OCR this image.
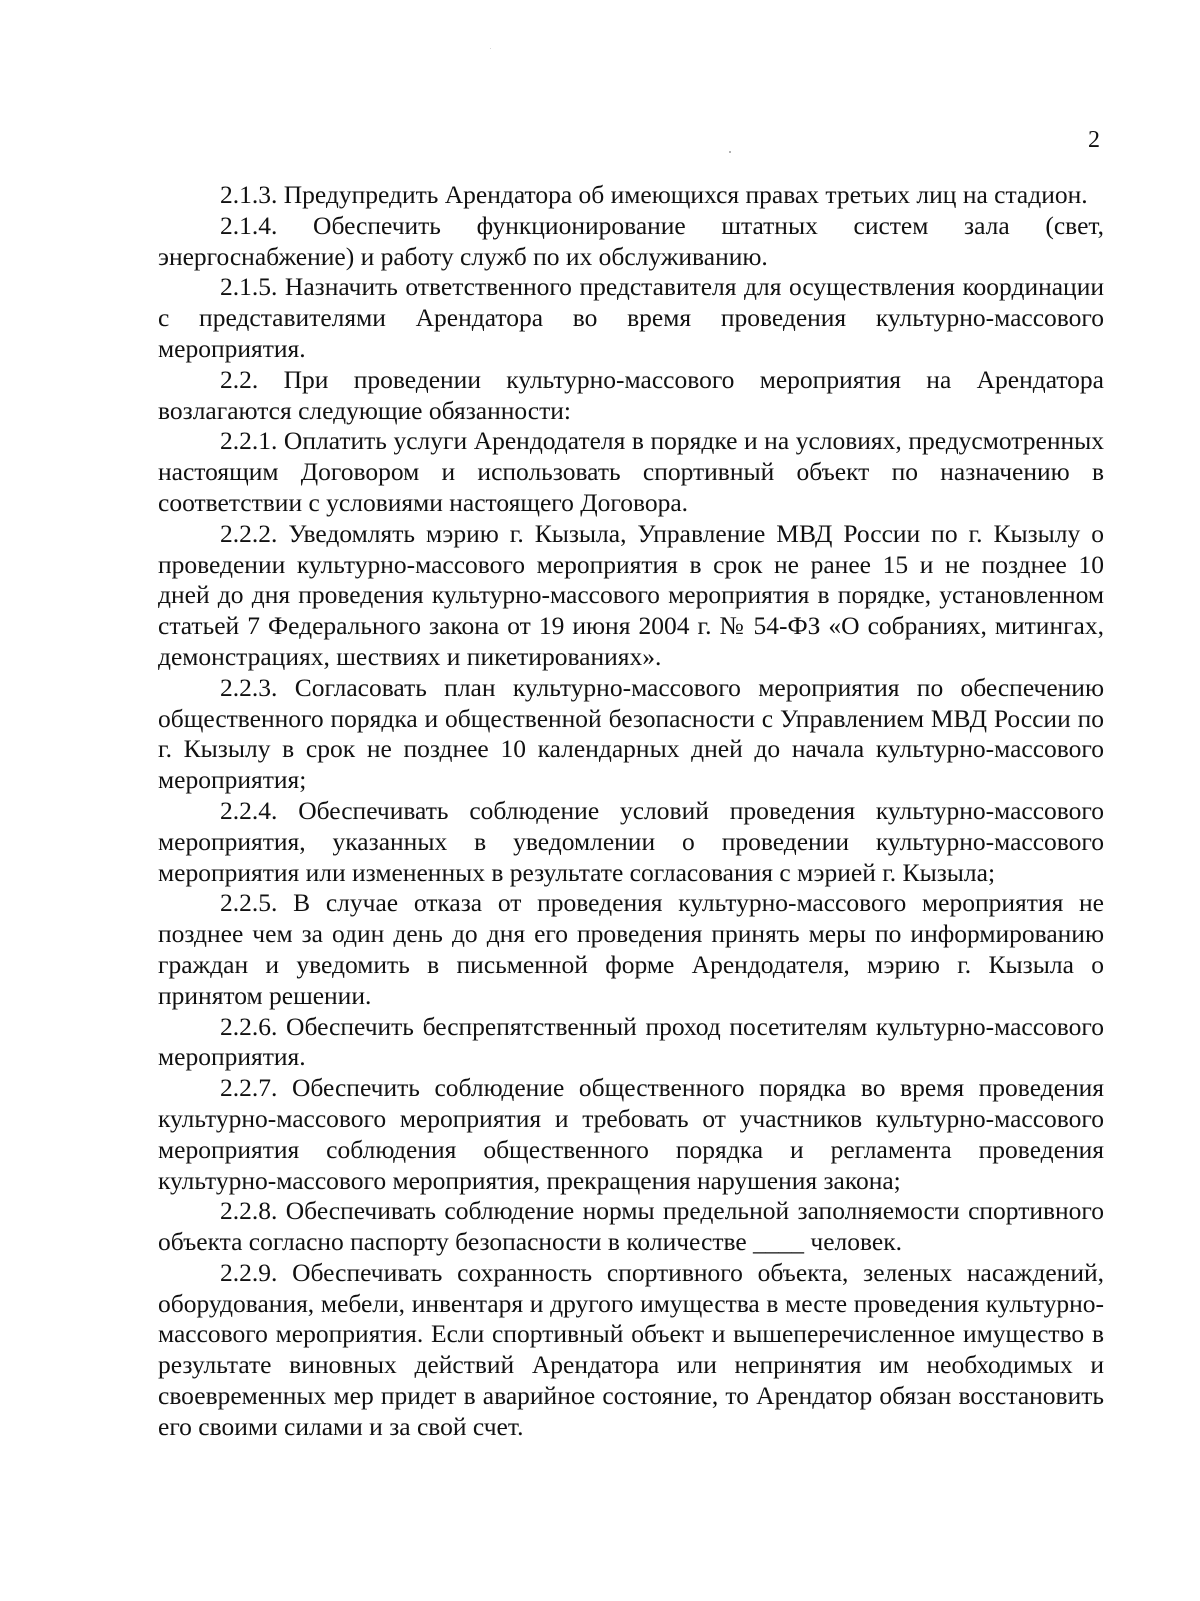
2

2.1.3. Предупредить Арендатора об имеющихся правах третьих лиц на стадион.

2.1.4. Обеспечить функционирование штатных систем зала (свет, энергоснабжение) и работу служб по их обслуживанию.

2.1.5. Назначить ответственного представителя для осуществления координации с представителями Арендатора во время проведения культурно-массового мероприятия.

2.2. При проведении культурно-массового мероприятия на Арендатора возлагаются следующие обязанности:

2.2.1. Оплатить услуги Арендодателя в порядке и на условиях, предусмотренных настоящим Договором и использовать спортивный объект по назначению в соответствии с условиями настоящего Договора.

2.2.2. Уведомлять мэрию г. Кызыла, Управление МВД России по г. Кызылу о проведении культурно-массового мероприятия в срок не ранее 15 и не позднее 10 дней до дня проведения культурно-массового мероприятия в порядке, установленном статьей 7 Федерального закона от 19 июня 2004 г. № 54-ФЗ «О собраниях, митингах, демонстрациях, шествиях и пикетированиях».

2.2.3. Согласовать план культурно-массового мероприятия по обеспечению общественного порядка и общественной безопасности с Управлением МВД России по г. Кызылу в срок не позднее 10 календарных дней до начала культурно-массового мероприятия;

2.2.4. Обеспечивать соблюдение условий проведения культурно-массового мероприятия, указанных в уведомлении о проведении культурно-массового мероприятия или измененных в результате согласования с мэрией г. Кызыла;

2.2.5. В случае отказа от проведения культурно-массового мероприятия не позднее чем за один день до дня его проведения принять меры по информированию граждан и уведомить в письменной форме Арендодателя, мэрию г. Кызыла о принятом решении.

2.2.6. Обеспечить беспрепятственный проход посетителям культурно-массового мероприятия.

2.2.7. Обеспечить соблюдение общественного порядка во время проведения культурно-массового мероприятия и требовать от участников культурно-массового мероприятия соблюдения общественного порядка и регламента проведения культурно-массового мероприятия, прекращения нарушения закона;

2.2.8. Обеспечивать соблюдение нормы предельной заполняемости спортивного объекта согласно паспорту безопасности в количестве ____ человек.

2.2.9. Обеспечивать сохранность спортивного объекта, зеленых насаждений, оборудования, мебели, инвентаря и другого имущества в месте проведения культурно-массового мероприятия. Если спортивный объект и вышеперечисленное имущество в результате виновных действий Арендатора или непринятия им необходимых и своевременных мер придет в аварийное состояние, то Арендатор обязан восстановить его своими силами и за свой счет.
